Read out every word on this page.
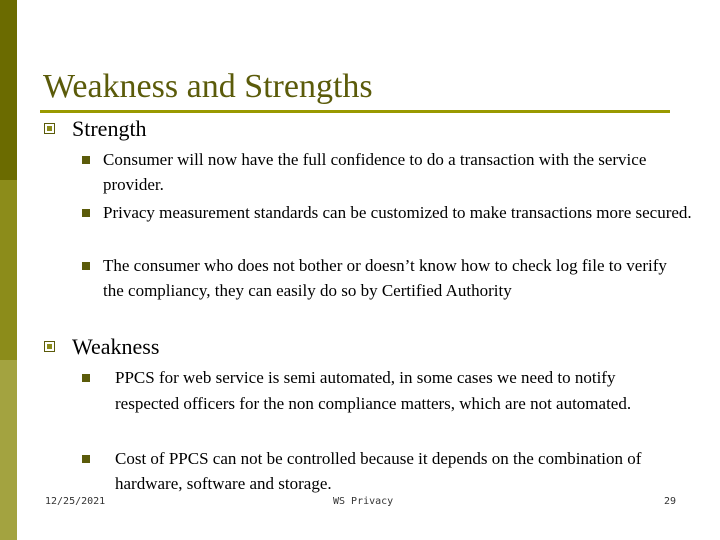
Weakness and Strengths
Strength
Consumer will now have the full confidence to do a transaction with the service provider.
Privacy measurement standards can be customized to make transactions more secured.
The consumer who does not bother or doesn’t know how to check log file to verify the compliancy, they can easily do so by Certified Authority
Weakness
PPCS for web service is semi automated, in some cases we need to notify respected officers for the non compliance matters, which are not automated.
Cost of PPCS can not be controlled because it depends on the combination of hardware, software and storage.
12/25/2021	WS Privacy	29
